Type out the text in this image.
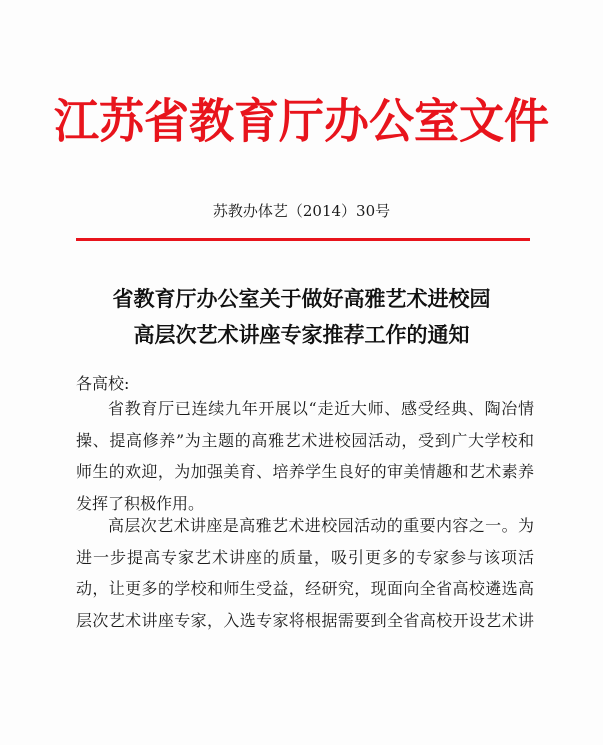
江苏省教育厅办公室文件
苏教办体艺（2014）30号
省教育厅办公室关于做好高雅艺术进校园
高层次艺术讲座专家推荐工作的通知
各高校:
省教育厅已连续九年开展以“走近大师、感受经典、陶冶情
操、提高修养”为主题的高雅艺术进校园活动，受到广大学校和
师生的欢迎，为加强美育、培养学生良好的审美情趣和艺术素养
发挥了积极作用。
高层次艺术讲座是高雅艺术进校园活动的重要内容之一。为
进一步提高专家艺术讲座的质量，吸引更多的专家参与该项活
动，让更多的学校和师生受益，经研究，现面向全省高校遴选高
层次艺术讲座专家，入选专家将根据需要到全省高校开设艺术讲
